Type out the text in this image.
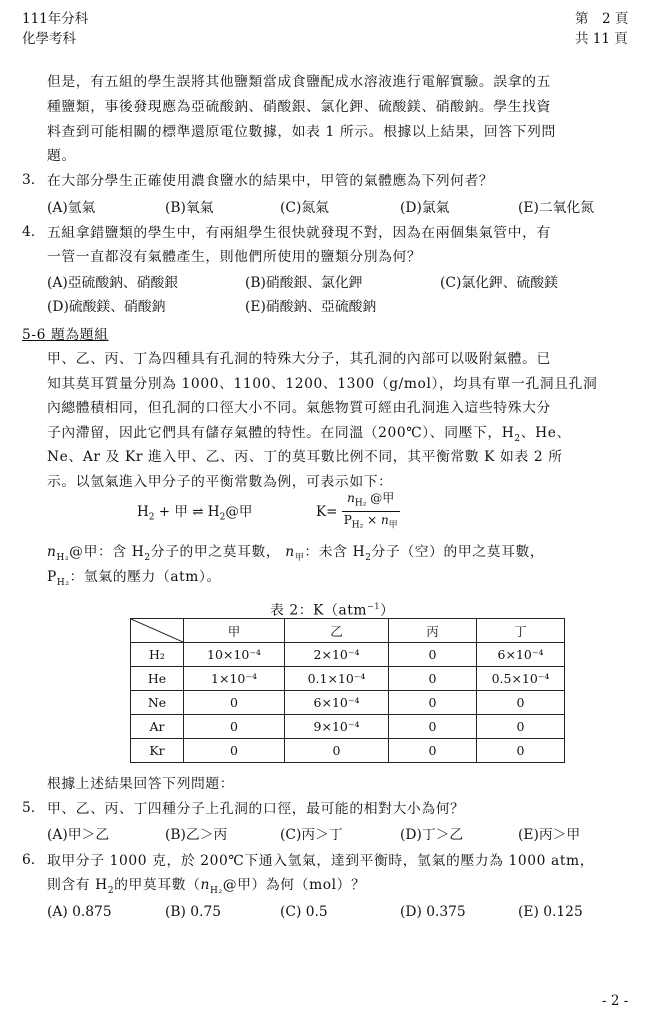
111年分科
化學考科
第　2 頁
共 11 頁
但是，有五組的學生誤將其他鹽類當成食鹽配成水溶液進行電解實驗。誤拿的五
種鹽類，事後發現應為亞硫酸鈉、硝酸銀、氯化鉀、硫酸鎂、硝酸鈉。學生找資
料查到可能相關的標準還原電位數據，如表 1 所示。根據以上結果，回答下列問
題。
3. 在大部分學生正確使用濃食鹽水的結果中，甲管的氣體應為下列何者？
(A)氫氣	(B)氧氣	(C)氮氣	(D)氯氣	(E)二氧化氮
4. 五組拿錯鹽類的學生中，有兩組學生很快就發現不對，因為在兩個集氣管中，有
一管一直都沒有氣體產生，則他們所使用的鹽類分別為何？
(A)亞硫酸鈉、硝酸銀	(B)硝酸銀、氯化鉀	(C)氯化鉀、硫酸鎂
(D)硫酸鎂、硝酸鈉	(E)硝酸鈉、亞硫酸鈉
5-6 題為題組
甲、乙、丙、丁為四種具有孔洞的特殊大分子，其孔洞的內部可以吸附氣體。已
知其莫耳質量分別為 1000、1100、1200、1300（g/mol），均具有單一孔洞且孔洞
內總體積相同，但孔洞的口徑大小不同。氣態物質可經由孔洞進入這些特殊大分
子內滯留，因此它們具有儲存氣體的特性。在同溫（200℃）、同壓下，$H_2$、He、
Ne、Ar 及 Kr 進入甲、乙、丙、丁的莫耳數比例不同，其平衡常數 K 如表 2 所
示。以氫氣進入甲分子的平衡常數為例，可表示如下：
$H_2$ + 甲 ⇌ $H_2@$甲	$K= \frac{n_{H_2} @甲}{P_{H_2} \times n_甲}$
$n_{H_2}@$甲：含 $H_2$分子的甲之莫耳數， $n_甲$：未含 $H_2$分子（空）的甲之莫耳數，
$P_{H_2}$：氫氣的壓力（atm）。
表 2：K（atm$^{-1}$）
	甲	乙	丙	丁
H₂	10×10⁻⁴	2×10⁻⁴	0	6×10⁻⁴
He	1×10⁻⁴	0.1×10⁻⁴	0	0.5×10⁻⁴
Ne	0	6×10⁻⁴	0	0
Ar	0	9×10⁻⁴	0	0
Kr	0	0	0	0
根據上述結果回答下列問題：
5. 甲、乙、丙、丁四種分子上孔洞的口徑，最可能的相對大小為何？
(A)甲＞乙	(B)乙＞丙	(C)丙＞丁	(D)丁＞乙	(E)丙＞甲
6. 取甲分子 1000 克，於 200℃下通入氫氣，達到平衡時，氫氣的壓力為 1000 atm，
則含有 $H_2$的甲莫耳數（$n_{H_2}@$甲）為何（mol）？
(A) 0.875	(B) 0.75	(C) 0.5	(D) 0.375	(E) 0.125
- 2 -
